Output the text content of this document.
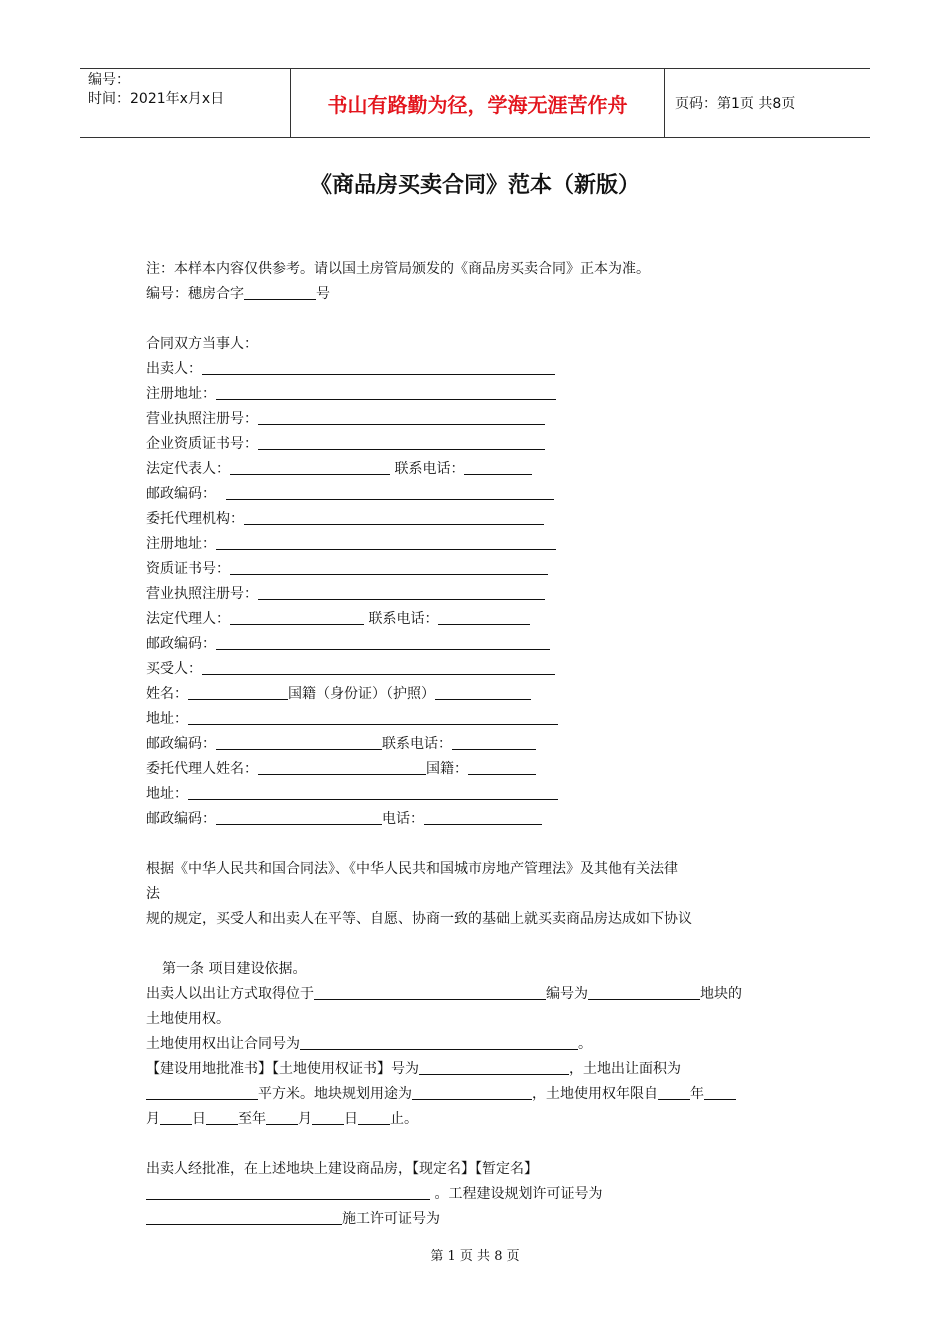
编号：
时间：2021年x月x日	书山有路勤为径，学海无涯苦作舟	页码：第1页 共8页
《商品房买卖合同》范本（新版）
注：本样本内容仅供参考。请以国土房管局颁发的《商品房买卖合同》正本为准。
编号：穗房合字	号
合同双方当事人：
出卖人：
注册地址：
营业执照注册号：
企业资质证书号：
法定代表人：	联系电话：
邮政编码：
委托代理机构：
注册地址：
资质证书号：
营业执照注册号：
法定代理人：	联系电话：
邮政编码：
买受人：
姓名：	国籍（身份证）（护照）
地址：
邮政编码：	联系电话：
委托代理人姓名：	国籍：
地址：
邮政编码：	电话：
根据《中华人民共和国合同法》、《中华人民共和国城市房地产管理法》及其他有关法律
法
规的规定，买受人和出卖人在平等、自愿、协商一致的基础上就买卖商品房达成如下协议
第一条 项目建设依据。
出卖人以出让方式取得位于	编号为	地块的
土地使用权。
土地使用权出让合同号为	。
【建设用地批准书】【土地使用权证书】号为	，土地出让面积为
平方米。地块规划用途为	，土地使用权年限自 年
月 日 至年 月 日 止。
出卖人经批准，在上述地块上建设商品房，【现定名】【暂定名】
。工程建设规划许可证号为
施工许可证号为
第 1 页 共 8 页
